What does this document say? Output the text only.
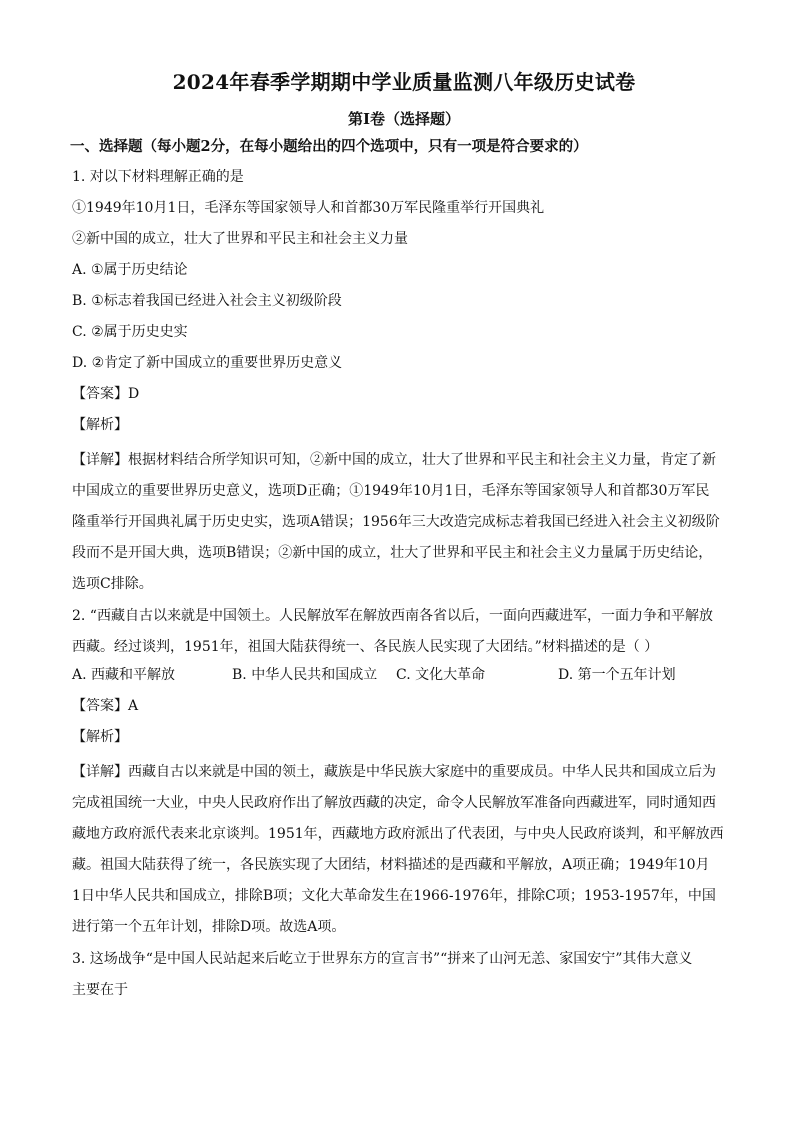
2024年春季学期期中学业质量监测八年级历史试卷
第Ⅰ卷（选择题）
一、选择题（每小题2分，在每小题给出的四个选项中，只有一项是符合要求的）
1. 对以下材料理解正确的是
①1949年10月1日，毛泽东等国家领导人和首都30万军民隆重举行开国典礼
②新中国的成立，壮大了世界和平民主和社会主义力量
A. ①属于历史结论
B. ①标志着我国已经进入社会主义初级阶段
C. ②属于历史史实
D. ②肯定了新中国成立的重要世界历史意义
【答案】D
【解析】
【详解】根据材料结合所学知识可知，②新中国的成立，壮大了世界和平民主和社会主义力量，肯定了新
中国成立的重要世界历史意义，选项D正确；①1949年10月1日，毛泽东等国家领导人和首都30万军民
隆重举行开国典礼属于历史史实，选项A错误；1956年三大改造完成标志着我国已经进入社会主义初级阶
段而不是开国大典，选项B错误；②新中国的成立，壮大了世界和平民主和社会主义力量属于历史结论，
选项C排除。
2. “西藏自古以来就是中国领土。人民解放军在解放西南各省以后，一面向西藏进军，一面力争和平解放
西藏。经过谈判，1951年，祖国大陆获得统一、各民族人民实现了大团结。”材料描述的是（ ）
A. 西藏和平解放	B. 中华人民共和国成立	C. 文化大革命	D. 第一个五年计划
【答案】A
【解析】
【详解】西藏自古以来就是中国的领土，藏族是中华民族大家庭中的重要成员。中华人民共和国成立后为
完成祖国统一大业，中央人民政府作出了解放西藏的决定，命令人民解放军准备向西藏进军，同时通知西
藏地方政府派代表来北京谈判。1951年，西藏地方政府派出了代表团，与中央人民政府谈判，和平解放西
藏。祖国大陆获得了统一，各民族实现了大团结，材料描述的是西藏和平解放，A项正确；1949年10月
1日中华人民共和国成立，排除B项；文化大革命发生在1966-1976年，排除C项；1953-1957年，中国
进行第一个五年计划，排除D项。故选A项。
3. 这场战争“是中国人民站起来后屹立于世界东方的宣言书”“拼来了山河无恙、家国安宁”其伟大意义
主要在于
